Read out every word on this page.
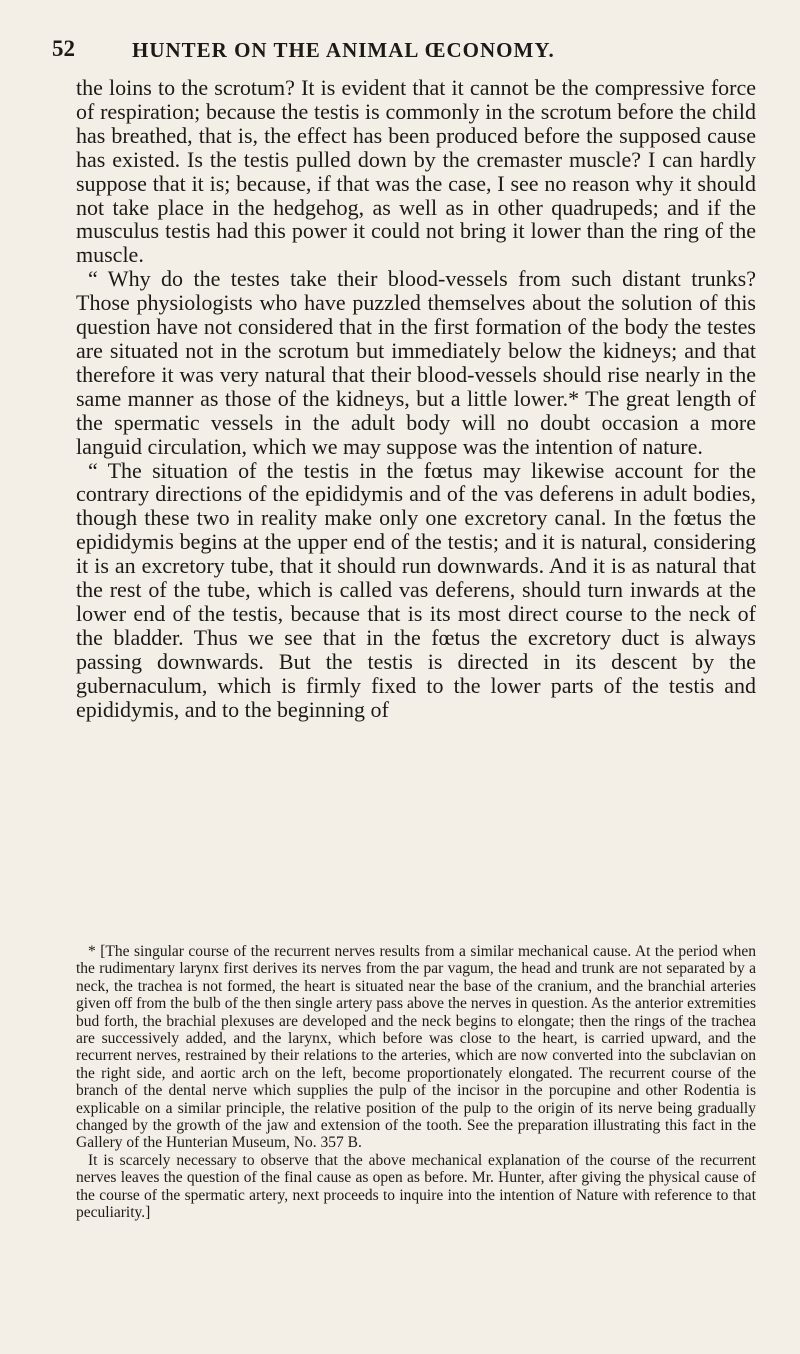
52	HUNTER ON THE ANIMAL ŒCONOMY.

the loins to the scrotum? It is evident that it cannot be the compressive force of respiration; because the testis is commonly in the scrotum before the child has breathed, that is, the effect has been produced before the supposed cause has existed. Is the testis pulled down by the cremaster muscle? I can hardly suppose that it is; because, if that was the case, I see no reason why it should not take place in the hedgehog, as well as in other quadrupeds; and if the musculus testis had this power it could not bring it lower than the ring of the muscle.

“ Why do the testes take their blood-vessels from such distant trunks? Those physiologists who have puzzled themselves about the solution of this question have not considered that in the first formation of the body the testes are situated not in the scrotum but immediately below the kidneys; and that therefore it was very natural that their blood-vessels should rise nearly in the same manner as those of the kidneys, but a little lower.* The great length of the spermatic vessels in the adult body will no doubt occasion a more languid circulation, which we may suppose was the intention of nature.

“ The situation of the testis in the fœtus may likewise account for the contrary directions of the epididymis and of the vas deferens in adult bodies, though these two in reality make only one excretory canal. In the fœtus the epididymis begins at the upper end of the testis; and it is natural, considering it is an excretory tube, that it should run downwards. And it is as natural that the rest of the tube, which is called vas deferens, should turn inwards at the lower end of the testis, because that is its most direct course to the neck of the bladder. Thus we see that in the fœtus the excretory duct is always passing downwards. But the testis is directed in its descent by the gubernaculum, which is firmly fixed to the lower parts of the testis and epididymis, and to the beginning of

* [The singular course of the recurrent nerves results from a similar mechanical cause. At the period when the rudimentary larynx first derives its nerves from the par vagum, the head and trunk are not separated by a neck, the trachea is not formed, the heart is situated near the base of the cranium, and the branchial arteries given off from the bulb of the then single artery pass above the nerves in question. As the anterior extremities bud forth, the brachial plexuses are developed and the neck begins to elongate; then the rings of the trachea are successively added, and the larynx, which before was close to the heart, is carried upward, and the recurrent nerves, restrained by their relations to the arteries, which are now converted into the subclavian on the right side, and aortic arch on the left, become proportionately elongated. The recurrent course of the branch of the dental nerve which supplies the pulp of the incisor in the porcupine and other Rodentia is explicable on a similar principle, the relative position of the pulp to the origin of its nerve being gradually changed by the growth of the jaw and extension of the tooth. See the preparation illustrating this fact in the Gallery of the Hunterian Museum, No. 357 B.

It is scarcely necessary to observe that the above mechanical explanation of the course of the recurrent nerves leaves the question of the final cause as open as before. Mr. Hunter, after giving the physical cause of the course of the spermatic artery, next proceeds to inquire into the intention of Nature with reference to that peculiarity.]
